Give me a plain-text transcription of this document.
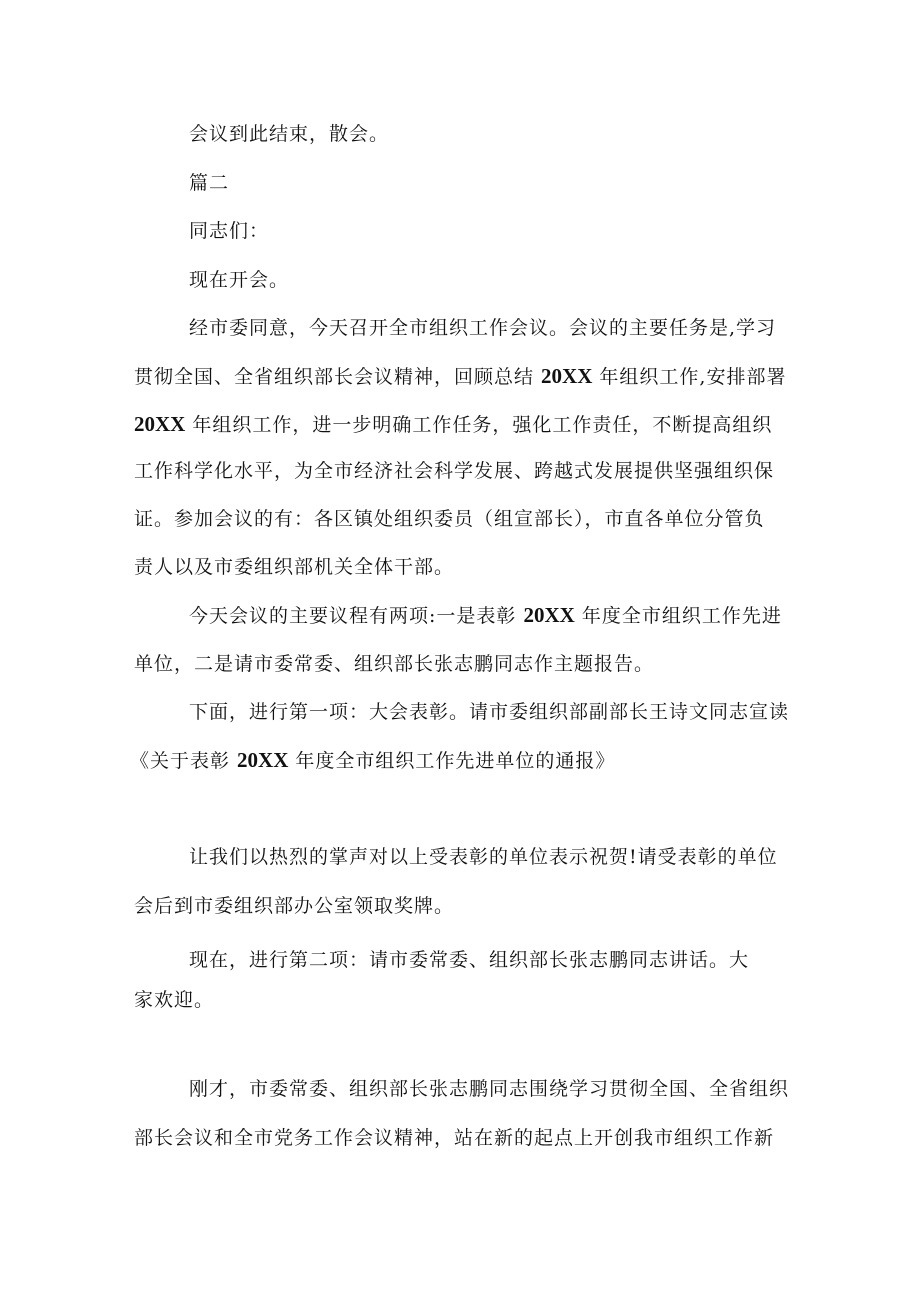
会议到此结束，散会。
篇二
同志们：
现在开会。
经市委同意，今天召开全市组织工作会议。会议的主要任务是,学习
贯彻全国、全省组织部长会议精神，回顾总结 20XX 年组织工作,安排部署
20XX 年组织工作，进一步明确工作任务，强化工作责任，不断提高组织
工作科学化水平，为全市经济社会科学发展、跨越式发展提供坚强组织保
证。参加会议的有：各区镇处组织委员（组宣部长），市直各单位分管负
责人以及市委组织部机关全体干部。
今天会议的主要议程有两项:一是表彰 20XX 年度全市组织工作先进
单位，二是请市委常委、组织部长张志鹏同志作主题报告。
下面，进行第一项：大会表彰。请市委组织部副部长王诗文同志宣读
《关于表彰 20XX 年度全市组织工作先进单位的通报》
让我们以热烈的掌声对以上受表彰的单位表示祝贺!请受表彰的单位
会后到市委组织部办公室领取奖牌。
现在，进行第二项：请市委常委、组织部长张志鹏同志讲话。大
家欢迎。
刚才，市委常委、组织部长张志鹏同志围绕学习贯彻全国、全省组织
部长会议和全市党务工作会议精神，站在新的起点上开创我市组织工作新
